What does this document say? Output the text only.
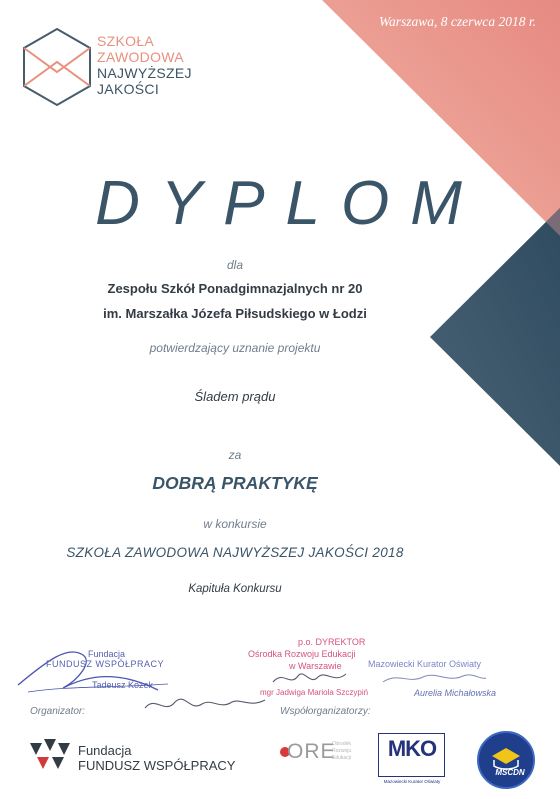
Warszawa, 8 czerwca 2018 r.
SZKOŁA
ZAWODOWA
NAJWYŻSZEJ
JAKOŚCI
DYPLOM
dla
Zespołu Szkół Ponadgimnazjalnych nr 20
im. Marszałka Józefa Piłsudskiego w Łodzi
potwierdzający uznanie projektu
Śladem prądu
za
DOBRĄ PRAKTYKĘ
w konkursie
SZKOŁA ZAWODOWA NAJWYŻSZEJ JAKOŚCI 2018
Kapituła Konkursu
Fundacja
FUNDUSZ WSPÓŁPRACY
Tadeusz Kozek
p.o. DYREKTOR
Ośrodka Rozwoju Edukacji
w Warszawie
mgr Jadwiga Mariola Szczypiń
Mazowiecki Kurator Oświaty
Aurelia Michałowska
Organizator:	Współorganizatorzy:
Fundacja
FUNDUSZ WSPÓŁPRACY
ORE
Ośrodek
Rozwoju
Edukacji	MKO
Mazowiecki Kurator Oświaty
MSCDN
